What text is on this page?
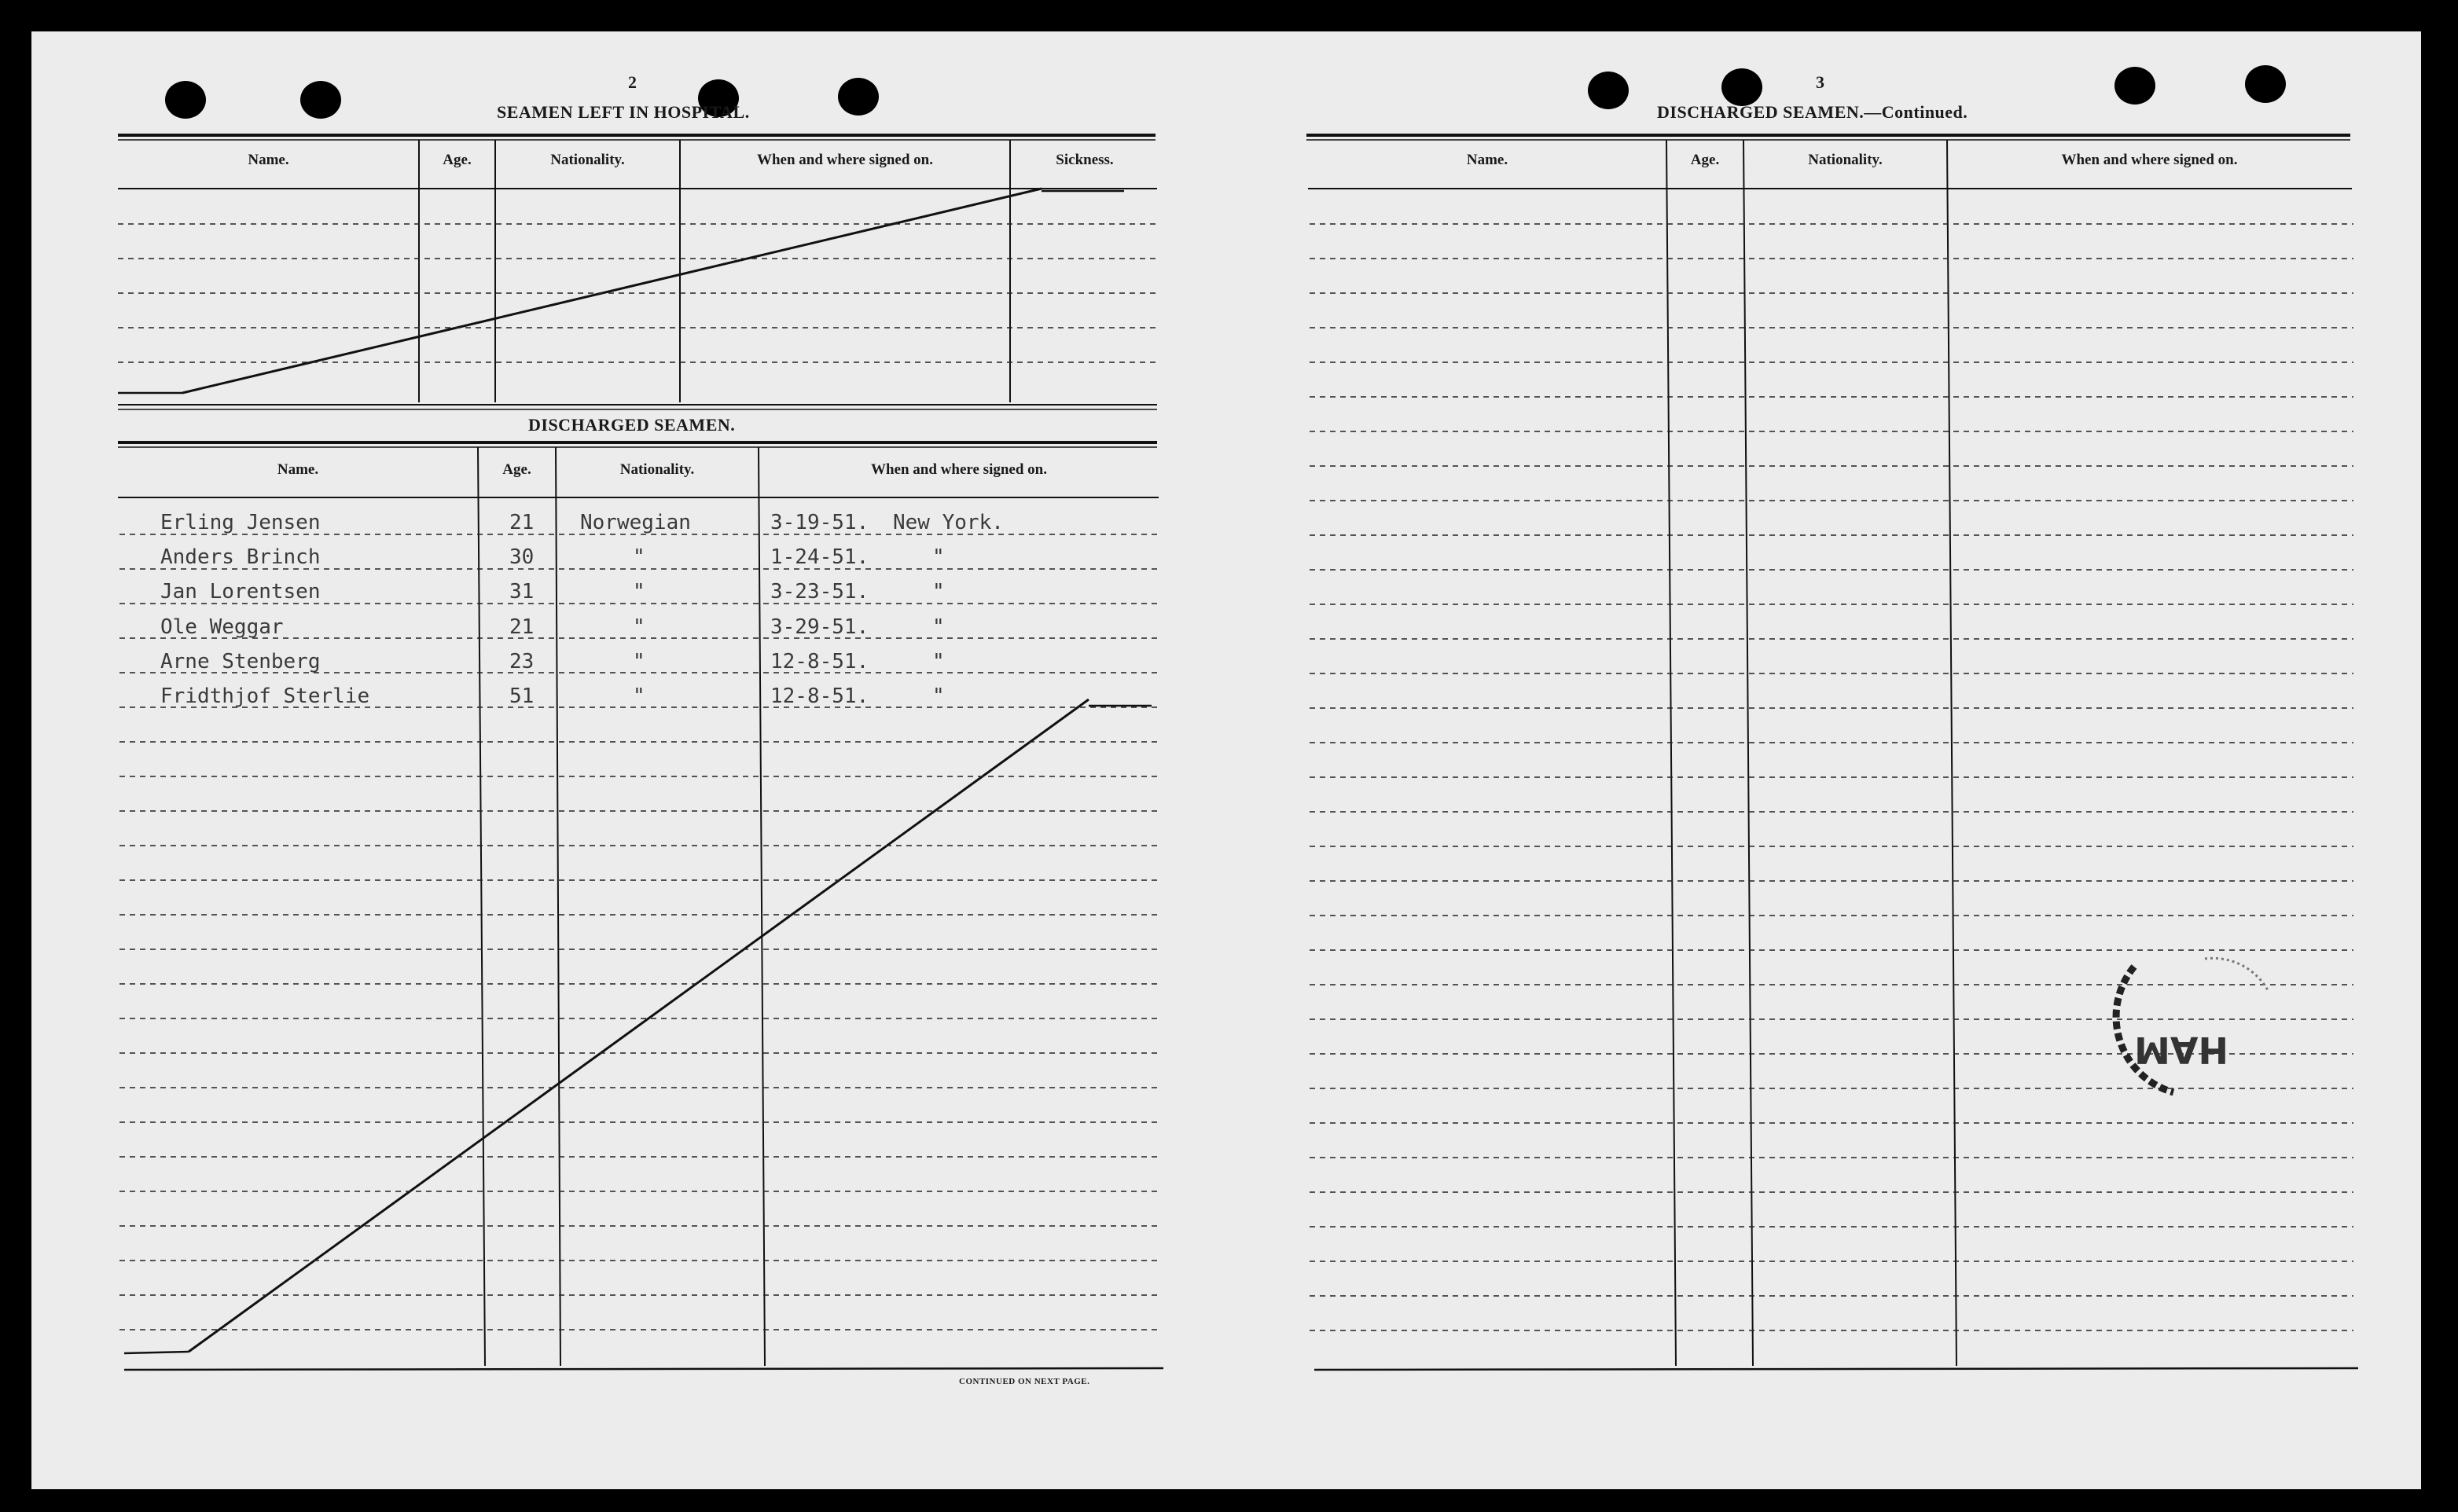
2
SEAMEN LEFT IN HOSPITAL.
Name.	Age.	Nationality.	When and where signed on.	Sickness.
DISCHARGED SEAMEN.
Name.	Age.	Nationality.	When and where signed on.
Erling Jensen	21 Norwegian	3-19-51. New York.
Anders Brinch	30	"	1-24-51.	"
Jan Lorentsen	31	"	3-23-51.	"
Ole Weggar	21	"	3-29-51.	"
Arne Stenberg	23	"	12-8-51.	"
Fridthjof Sterlie	51	"	12-8-51.	"
CONTINUED ON NEXT PAGE.
3
DISCHARGED SEAMEN.—Continued.
Name.	Age.	Nationality.	When and where signed on.
HAM
